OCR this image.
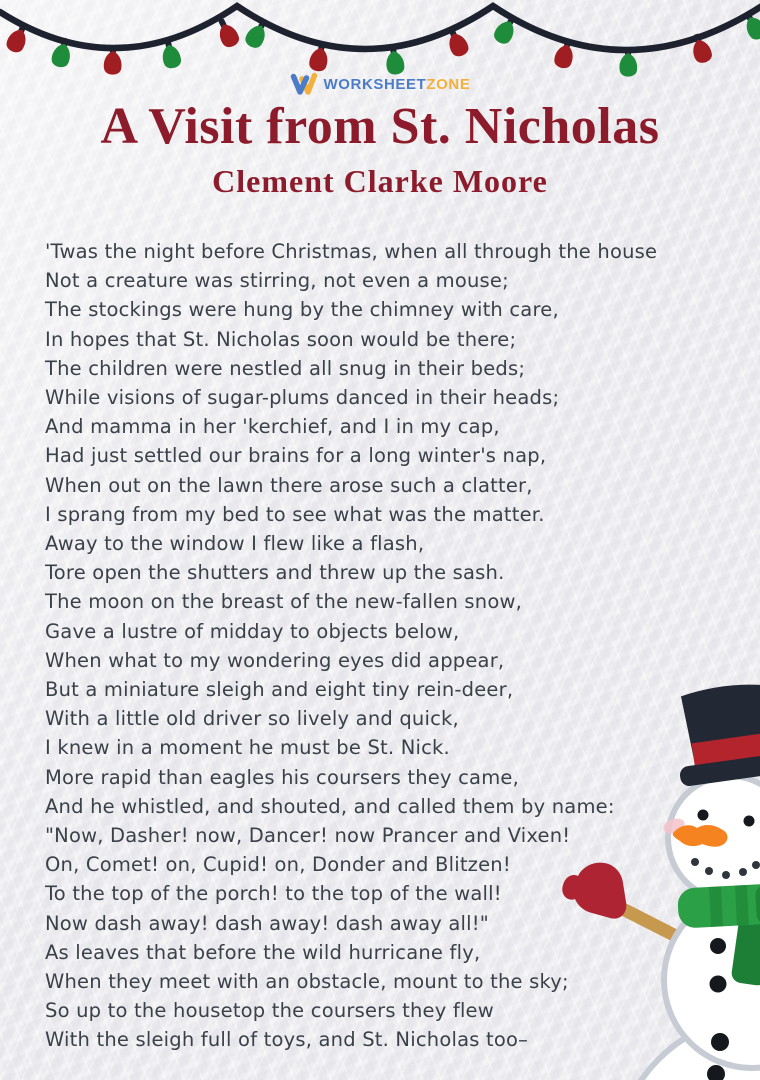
WORKSHEETZONE
A Visit from St. Nicholas
Clement Clarke Moore
'Twas the night before Christmas, when all through the house
Not a creature was stirring, not even a mouse;
The stockings were hung by the chimney with care,
In hopes that St. Nicholas soon would be there;
The children were nestled all snug in their beds;
While visions of sugar-plums danced in their heads;
And mamma in her 'kerchief, and I in my cap,
Had just settled our brains for a long winter's nap,
When out on the lawn there arose such a clatter,
I sprang from my bed to see what was the matter.
Away to the window I flew like a flash,
Tore open the shutters and threw up the sash.
The moon on the breast of the new-fallen snow,
Gave a lustre of midday to objects below,
When what to my wondering eyes did appear,
But a miniature sleigh and eight tiny rein-deer,
With a little old driver so lively and quick,
I knew in a moment he must be St. Nick.
More rapid than eagles his coursers they came,
And he whistled, and shouted, and called them by name:
"Now, Dasher! now, Dancer! now Prancer and Vixen!
On, Comet! on, Cupid! on, Donder and Blitzen!
To the top of the porch! to the top of the wall!
Now dash away! dash away! dash away all!"
As leaves that before the wild hurricane fly,
When they meet with an obstacle, mount to the sky;
So up to the housetop the coursers they flew
With the sleigh full of toys, and St. Nicholas too–
